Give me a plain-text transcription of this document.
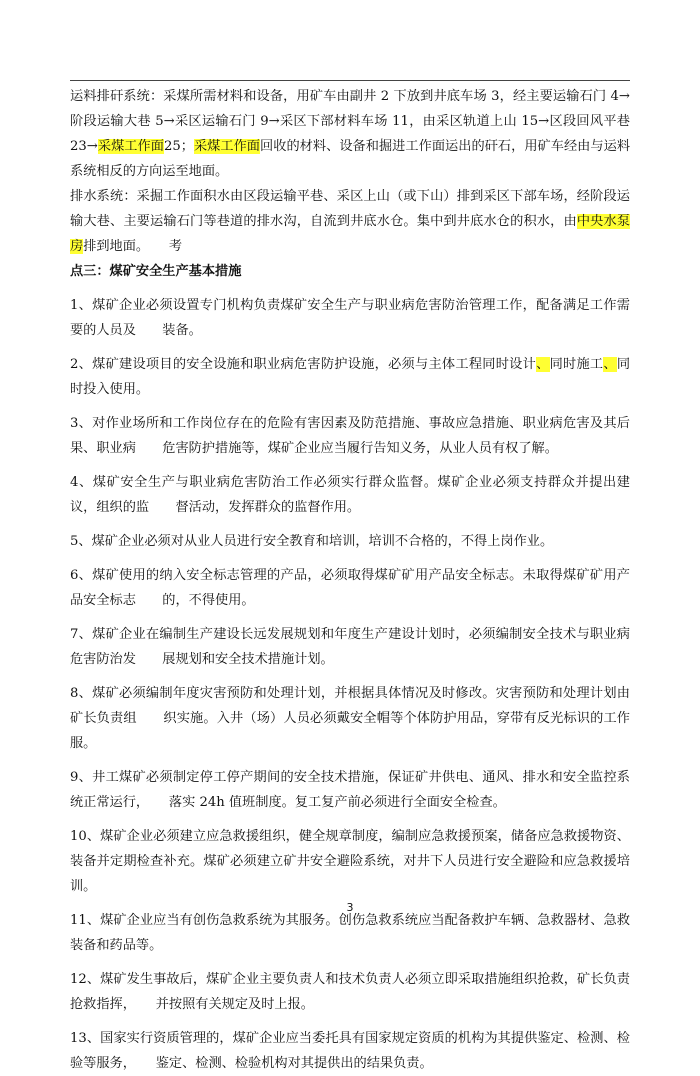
运料排矸系统：采煤所需材料和设备，用矿车由副井 2 下放到井底车场 3，经主要运输石门 4→阶段运输大巷 5→采区运输石门 9→采区下部材料车场 11，由采区轨道上山 15→区段回风平巷 23→采煤工作面25；采煤工作面回收的材料、设备和掘进工作面运出的矸石，用矿车经由与运料系统相反的方向运至地面。

排水系统：采掘工作面积水由区段运输平巷、采区上山（或下山）排到采区下部车场，经阶段运输大巷、主要运输石门等巷道的排水沟，自流到井底水仓。集中到井底水仓的积水，由中央水泵房排到地面。　　考

点三：煤矿安全生产基本措施

1、煤矿企业必须设置专门机构负责煤矿安全生产与职业病危害防治管理工作，配备满足工作需要的人员及　　装备。

2、煤矿建设项目的安全设施和职业病危害防护设施，必须与主体工程同时设计、同时施工、同时投入使用。

3、对作业场所和工作岗位存在的危险有害因素及防范措施、事故应急措施、职业病危害及其后果、职业病　　危害防护措施等，煤矿企业应当履行告知义务，从业人员有权了解。

4、煤矿安全生产与职业病危害防治工作必须实行群众监督。煤矿企业必须支持群众并提出建议，组织的监　　督活动，发挥群众的监督作用。

5、煤矿企业必须对从业人员进行安全教育和培训，培训不合格的，不得上岗作业。

6、煤矿使用的纳入安全标志管理的产品，必须取得煤矿矿用产品安全标志。未取得煤矿矿用产品安全标志　　的，不得使用。

7、煤矿企业在编制生产建设长远发展规划和年度生产建设计划时，必须编制安全技术与职业病危害防治发　　展规划和安全技术措施计划。

8、煤矿必须编制年度灾害预防和处理计划，并根据具体情况及时修改。灾害预防和处理计划由矿长负责组　　织实施。入井（场）人员必须戴安全帽等个体防护用品，穿带有反光标识的工作服。

9、井工煤矿必须制定停工停产期间的安全技术措施，保证矿井供电、通风、排水和安全监控系统正常运行，　　落实 24h 值班制度。复工复产前必须进行全面安全检查。

10、煤矿企业必须建立应急救援组织，健全规章制度，编制应急救援预案，储备应急救援物资、装备并定期检查补充。煤矿必须建立矿井安全避险系统，对井下人员进行安全避险和应急救援培训。

11、煤矿企业应当有创伤急救系统为其服务。创伤急救系统应当配备救护车辆、急救器材、急救装备和药品等。

12、煤矿发生事故后，煤矿企业主要负责人和技术负责人必须立即采取措施组织抢救，矿长负责抢救指挥，　　并按照有关规定及时上报。

13、国家实行资质管理的，煤矿企业应当委托具有国家规定资质的机构为其提供鉴定、检测、检验等服务，　　鉴定、检测、检验机构对其提供出的结果负责。

3
